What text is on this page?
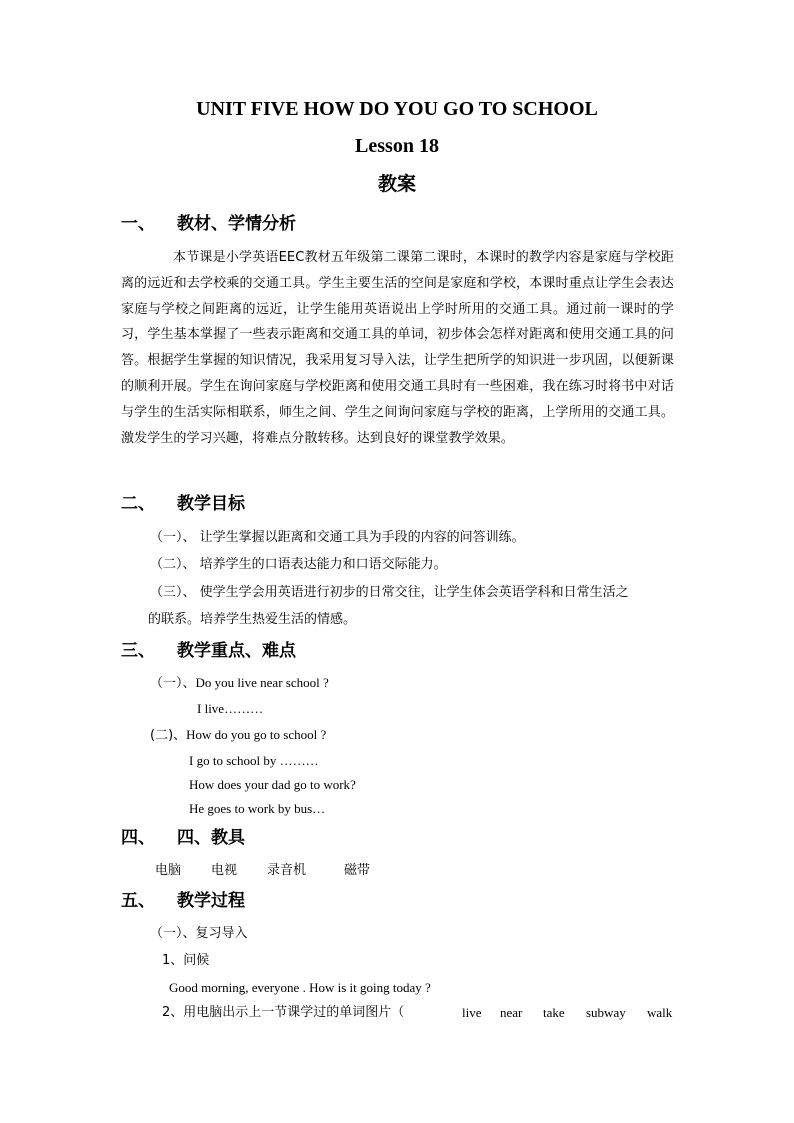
UNIT FIVE HOW DO YOU GO TO SCHOOL
Lesson 18
教案
一、 教材、学情分析
本节课是小学英语EEC教材五年级第二课第二课时，本课时的教学内容是家庭与学校距离的远近和去学校乘的交通工具。学生主要生活的空间是家庭和学校，本课时重点让学生会表达家庭与学校之间距离的远近，让学生能用英语说出上学时所用的交通工具。通过前一课时的学习，学生基本掌握了一些表示距离和交通工具的单词，初步体会怎样对距离和使用交通工具的问答。根据学生掌握的知识情况，我采用复习导入法，让学生把所学的知识进一步巩固，以便新课的顺利开展。学生在询问家庭与学校距离和使用交通工具时有一些困难，我在练习时将书中对话与学生的生活实际相联系，师生之间、学生之间询问家庭与学校的距离，上学所用的交通工具。激发学生的学习兴趣，将难点分散转移。达到良好的课堂教学效果。
二、 教学目标
（一）、 让学生掌握以距离和交通工具为手段的内容的问答训练。
（二）、 培养学生的口语表达能力和口语交际能力。
（三）、 使学生学会用英语进行初步的日常交往，让学生体会英语学科和日常生活之
的联系。培养学生热爱生活的情感。
三、 教学重点、难点
（一）、Do you live near school ?
I live………
(二)、How do you go to school ?
I go to school by ………
How does your dad go to work?
He goes to work by bus…
四、 四、教具
电脑 电视 录音机	磁带
五、 教学过程
（一）、复习导入
1、问候
Good morning, everyone . How is it going today ?
2、用电脑出示上一节课学过的单词图片（	live near take subway walk
